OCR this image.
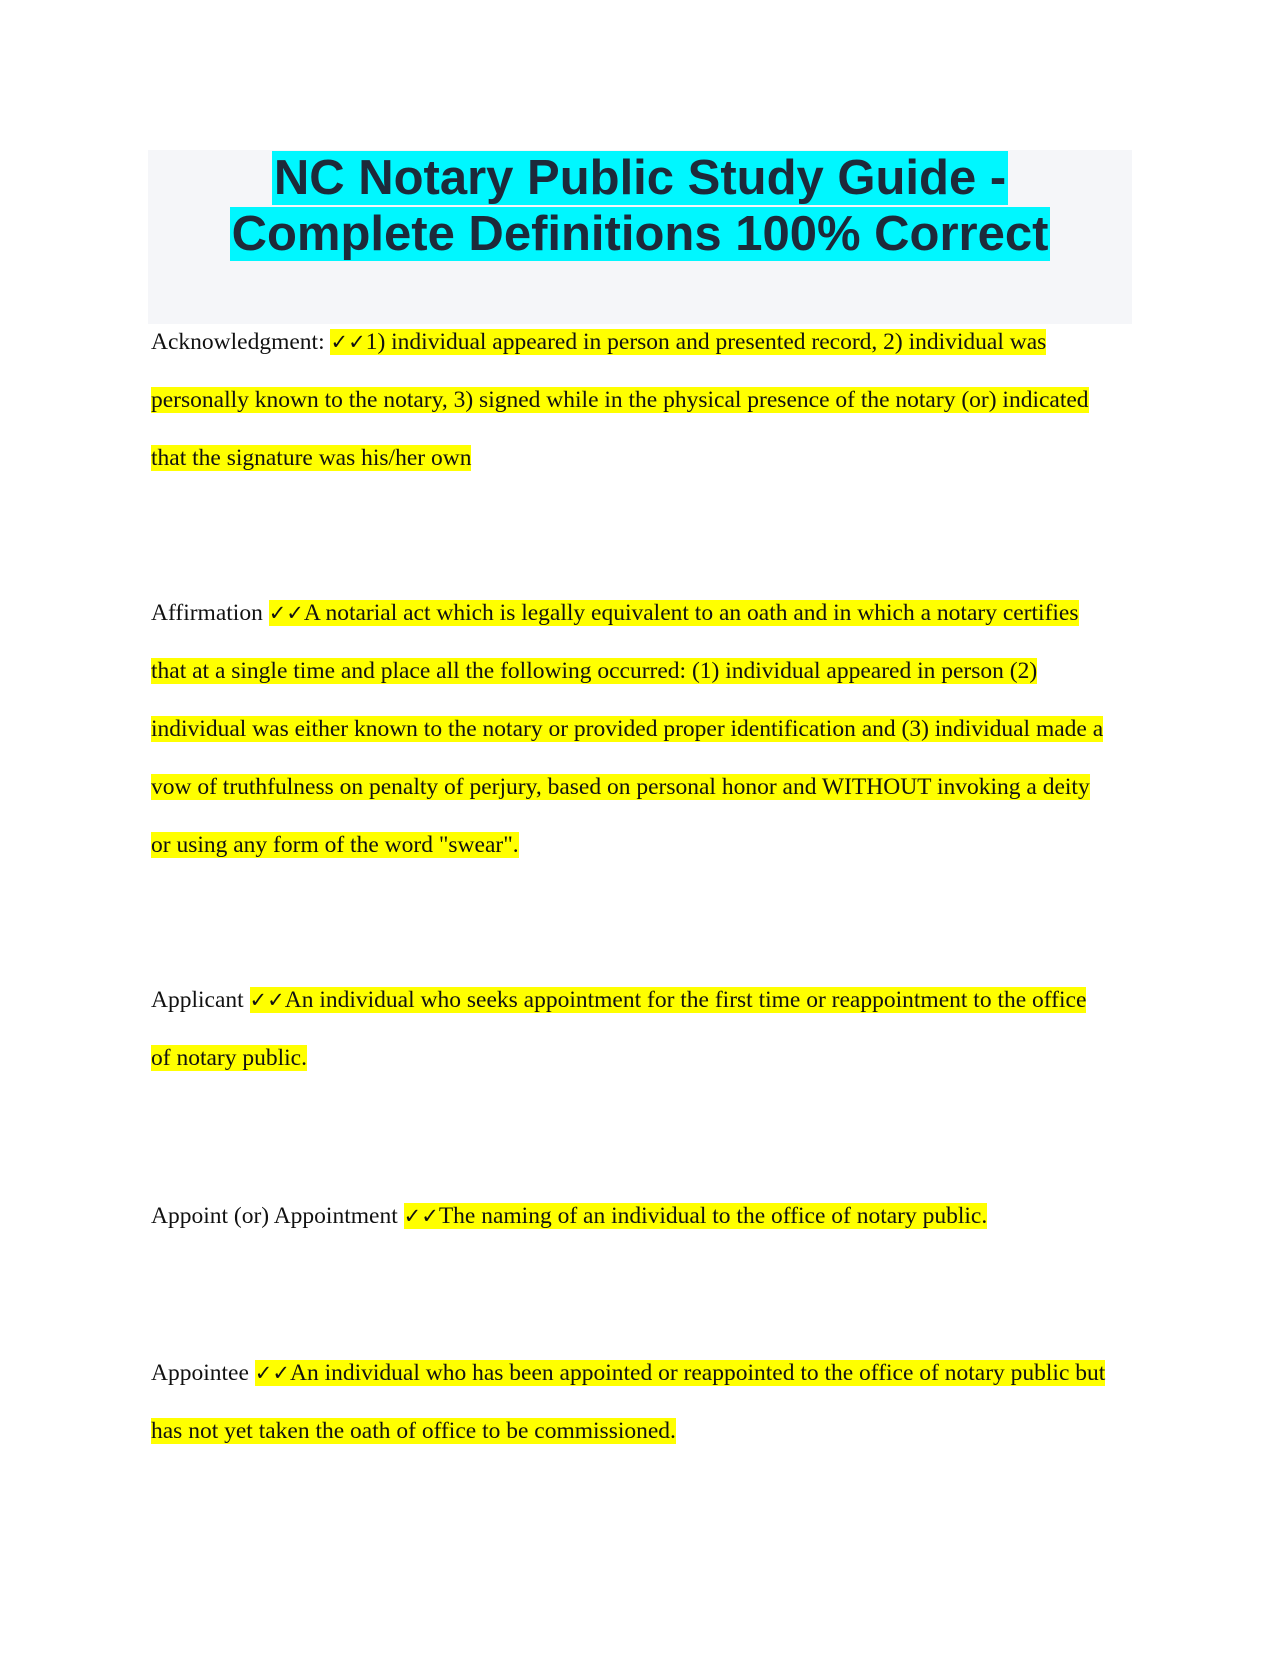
NC Notary Public Study Guide -
Complete Definitions 100% Correct

Acknowledgment: ✓✓1) individual appeared in person and presented record, 2) individual was personally known to the notary, 3) signed while in the physical presence of the notary (or) indicated that the signature was his/her own

Affirmation ✓✓A notarial act which is legally equivalent to an oath and in which a notary certifies that at a single time and place all the following occurred: (1) individual appeared in person (2) individual was either known to the notary or provided proper identification and (3) individual made a vow of truthfulness on penalty of perjury, based on personal honor and WITHOUT invoking a deity or using any form of the word "swear".

Applicant ✓✓An individual who seeks appointment for the first time or reappointment to the office of notary public.

Appoint (or) Appointment ✓✓The naming of an individual to the office of notary public.

Appointee ✓✓An individual who has been appointed or reappointed to the office of notary public but has not yet taken the oath of office to be commissioned.
